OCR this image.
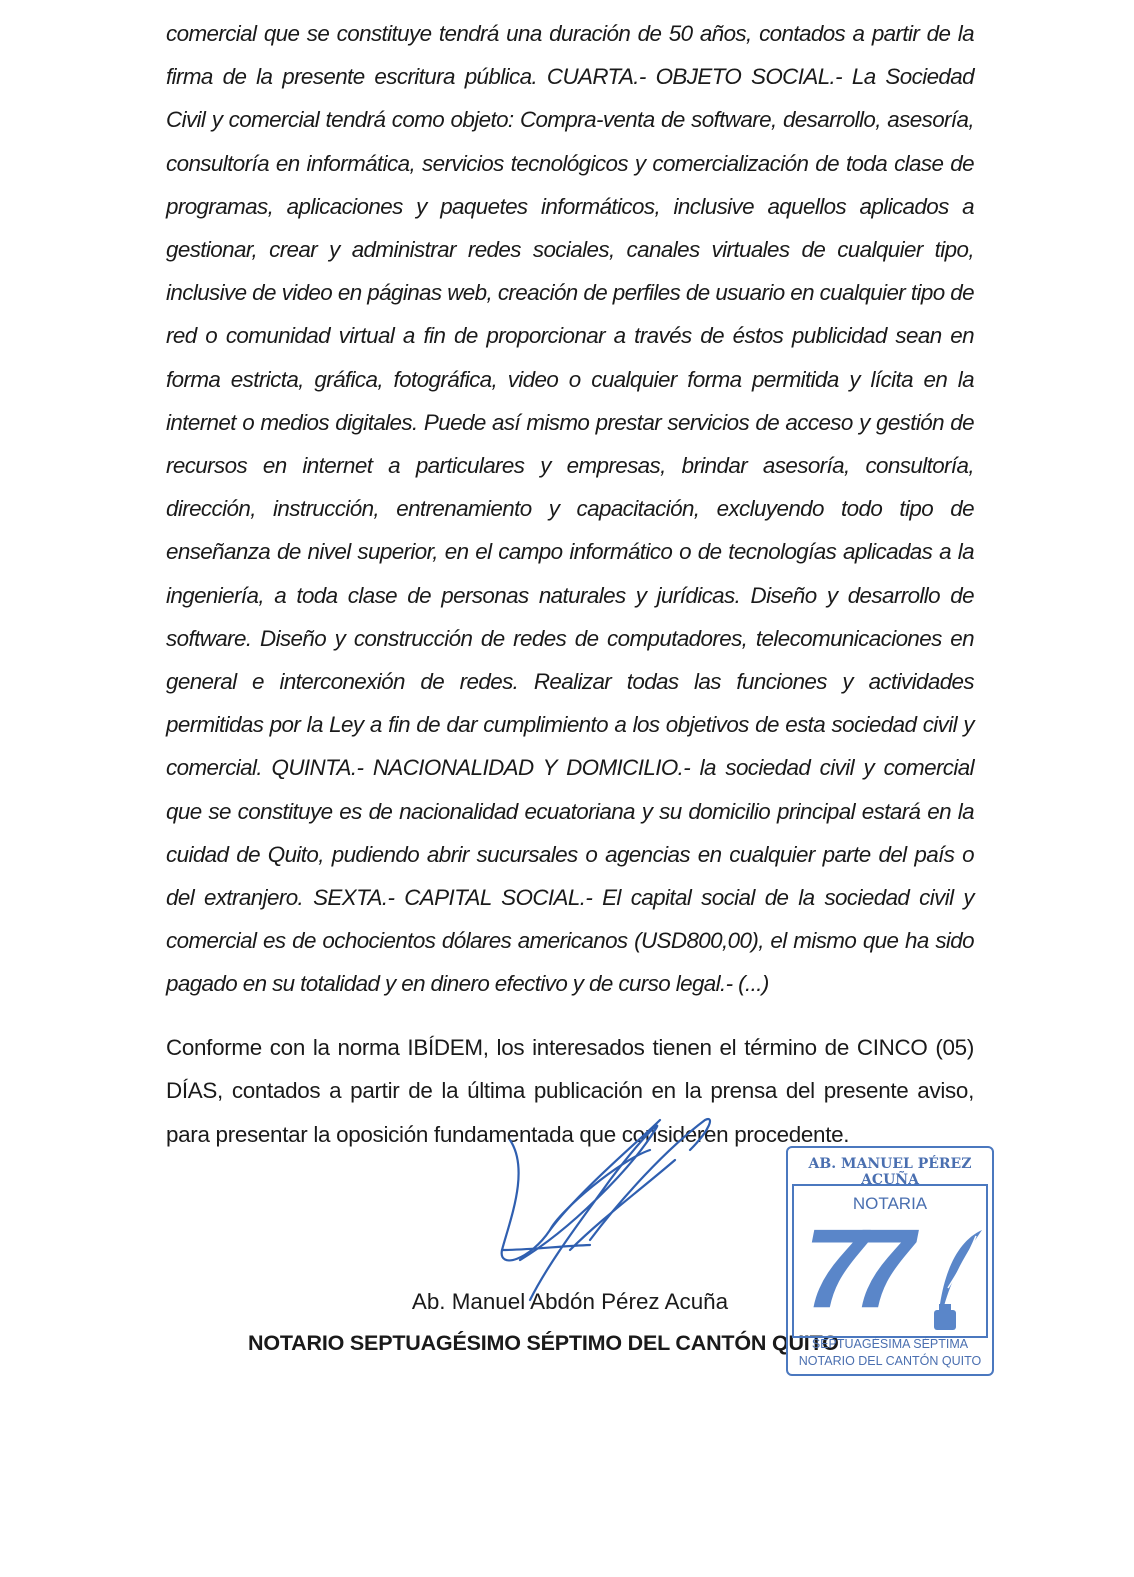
comercial que se constituye tendrá una duración de 50 años, contados a partir de la firma de la presente escritura pública. CUARTA.- OBJETO SOCIAL.- La Sociedad Civil y comercial tendrá como objeto: Compra-venta de software, desarrollo, asesoría, consultoría en informática, servicios tecnológicos y comercialización de toda clase de programas, aplicaciones y paquetes informáticos, inclusive aquellos aplicados a gestionar, crear y administrar redes sociales, canales virtuales de cualquier tipo, inclusive de video en páginas web, creación de perfiles de usuario en cualquier tipo de red o comunidad virtual a fin de proporcionar a través de éstos publicidad sean en forma estricta, gráfica, fotográfica, video o cualquier forma permitida y lícita en la internet o medios digitales. Puede así mismo prestar servicios de acceso y gestión de recursos en internet a particulares y empresas, brindar asesoría, consultoría, dirección, instrucción, entrenamiento y capacitación, excluyendo todo tipo de enseñanza de nivel superior, en el campo informático o de tecnologías aplicadas a la ingeniería, a toda clase de personas naturales y jurídicas. Diseño y desarrollo de software. Diseño y construcción de redes de computadores, telecomunicaciones en general e interconexión de redes. Realizar todas las funciones y actividades permitidas por la Ley a fin de dar cumplimiento a los objetivos de esta sociedad civil y comercial. QUINTA.- NACIONALIDAD Y DOMICILIO.- la sociedad civil y comercial que se constituye es de nacionalidad ecuatoriana y su domicilio principal estará en la cuidad de Quito, pudiendo abrir sucursales o agencias en cualquier parte del país o del extranjero. SEXTA.- CAPITAL SOCIAL.- El capital social de la sociedad civil y comercial es de ochocientos dólares americanos (USD800,00), el mismo que ha sido pagado en su totalidad y en dinero efectivo y de curso legal.- (...)

Conforme con la norma IBÍDEM, los interesados tienen el término de CINCO (05) DÍAS, contados a partir de la última publicación en la prensa del presente aviso, para presentar la oposición fundamentada que consideren procedente.

Ab. Manuel Abdón Pérez Acuña

NOTARIO SEPTUAGÉSIMO SÉPTIMO DEL CANTÓN QUITO

AB. MANUEL PÉREZ ACUÑA
NOTARIA
77
SEPTUAGÉSIMA SÉPTIMA
NOTARIO DEL CANTÓN QUITO
